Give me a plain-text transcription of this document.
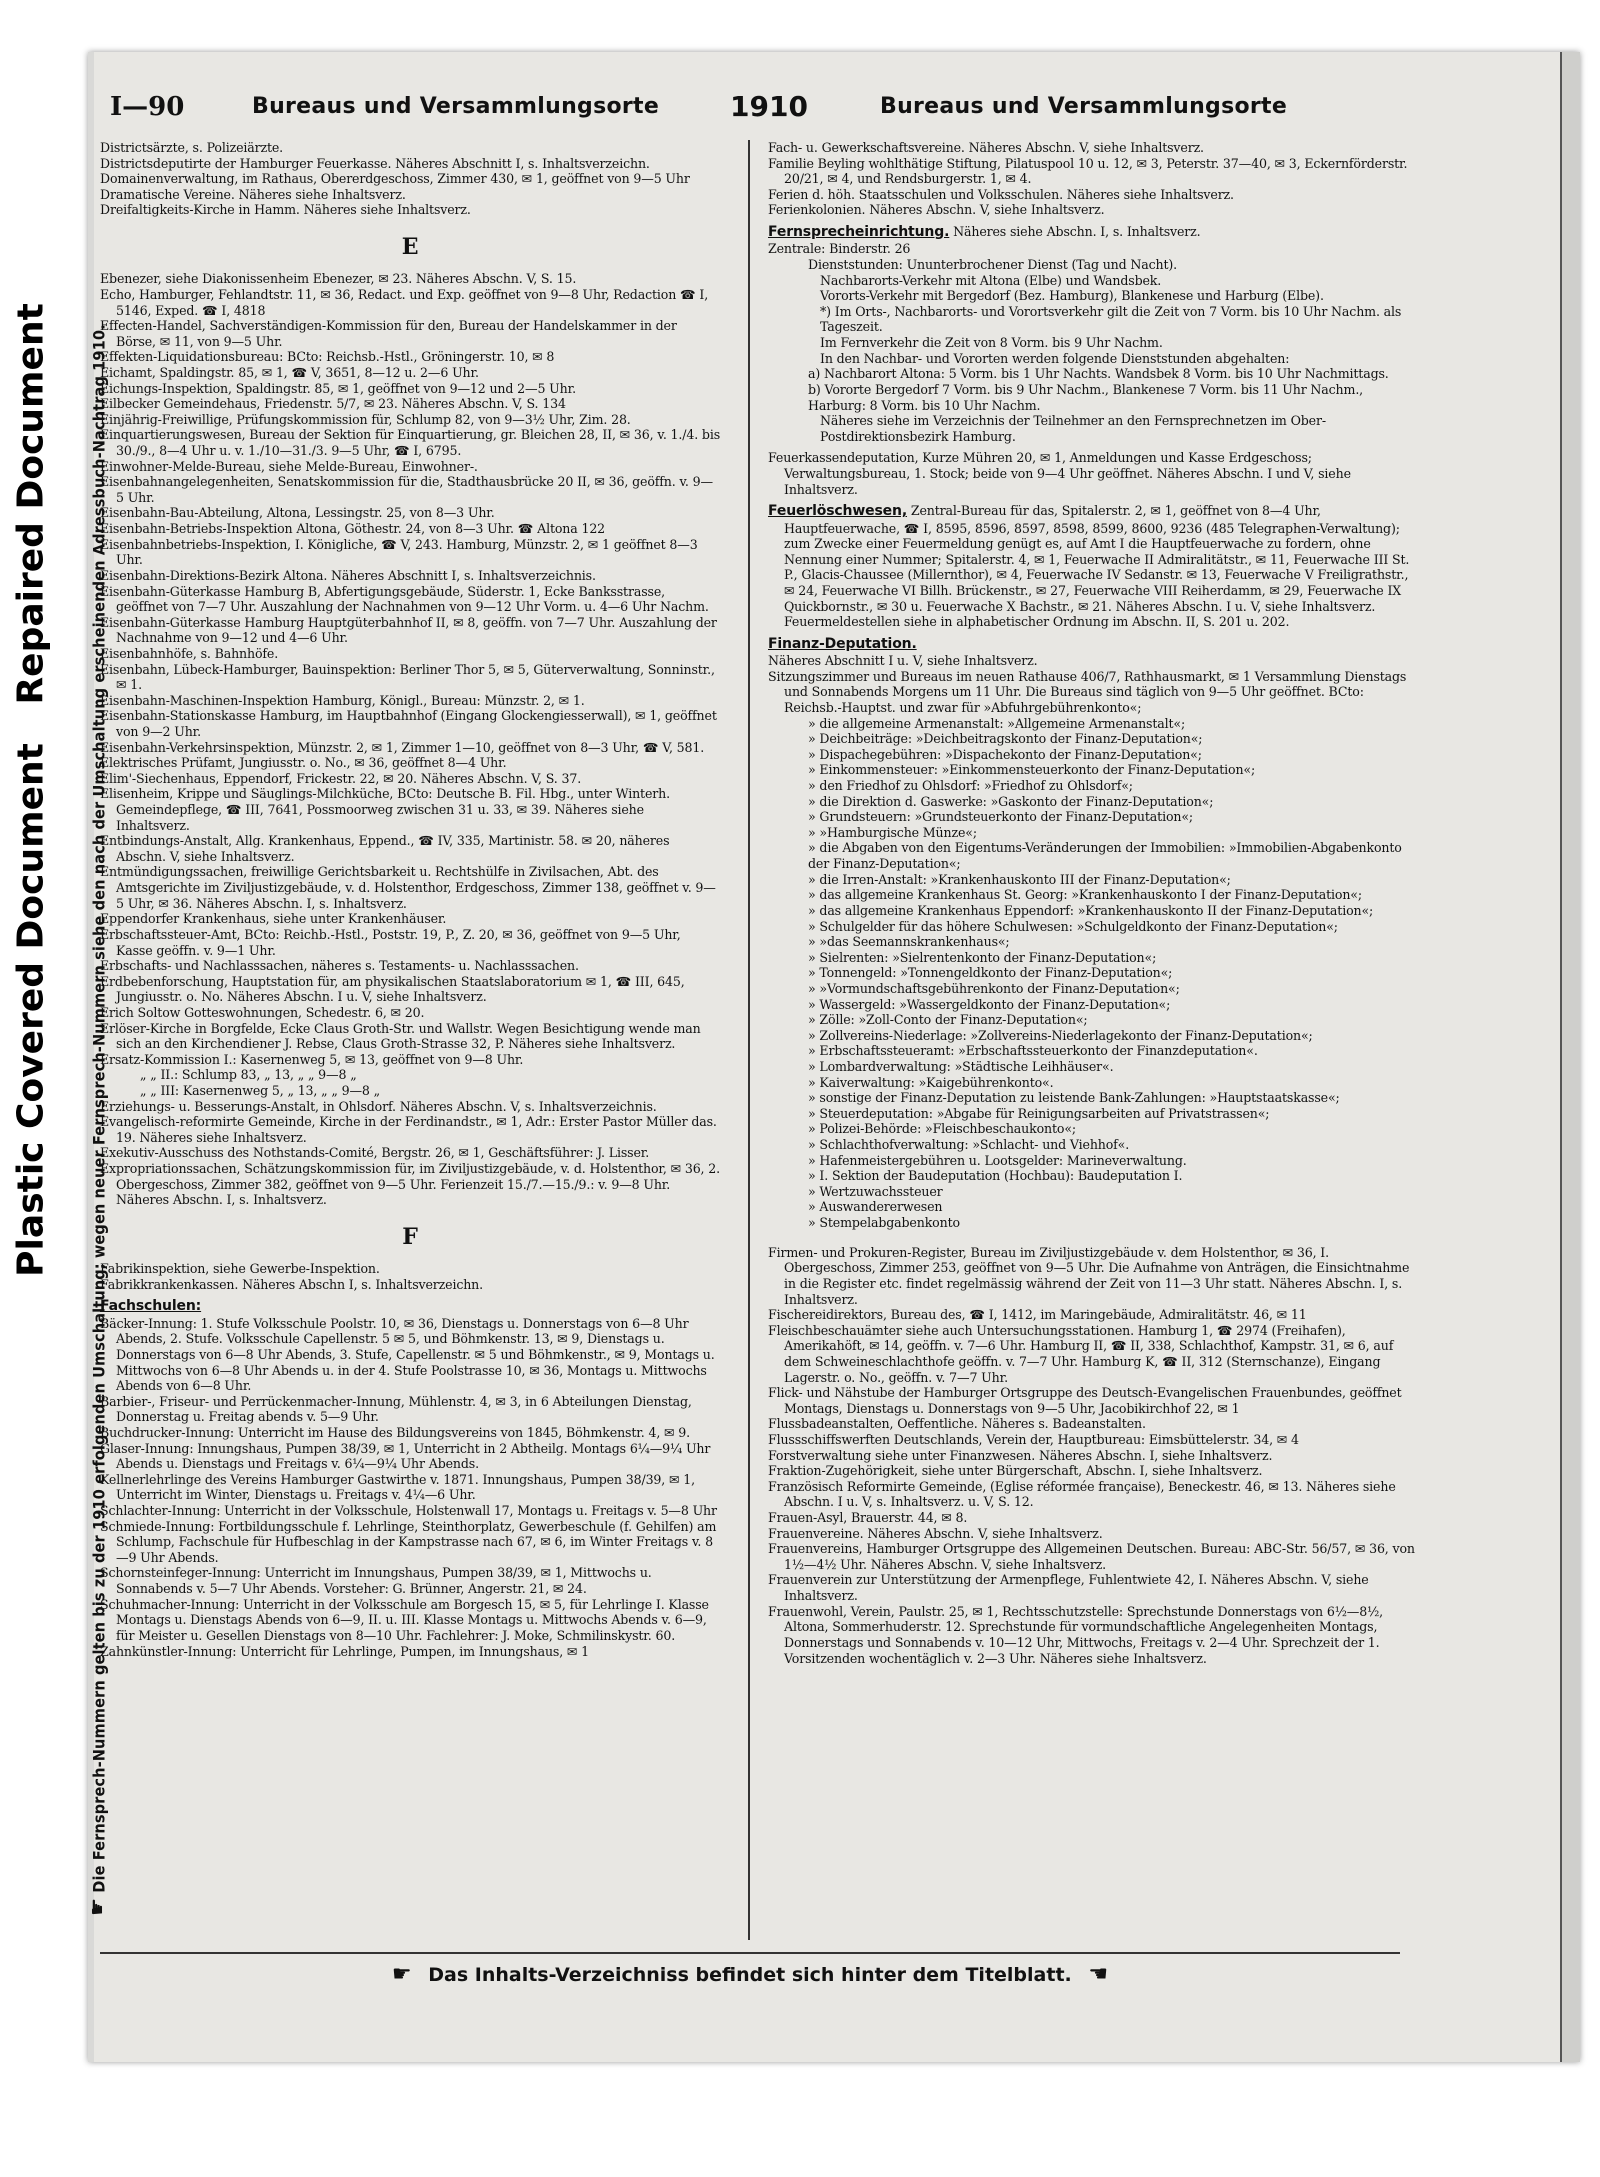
Plastic Covered Document Repaired Document
☛ Die Fernsprech-Nummern gelten bis zu der 1910 erfolgenden Umschaltung; wegen neuer Fernsprech-Nummern siehe den nach der Umschaltung erscheinenden Adressbuch-Nachtrag 1910.
I—90	Bureaus und Versammlungsorte	1910	Bureaus und Versammlungsorte

Districtsärzte, s. Polizeiärzte.

Districtsdeputirte der Hamburger Feuerkasse. Näheres Abschnitt I, s. Inhaltsverzeichn.

Domainenverwaltung, im Rathaus, Obererdgeschoss, Zimmer 430, ✉ 1, geöffnet von 9—5 Uhr

Dramatische Vereine. Näheres siehe Inhaltsverz.

Dreifaltigkeits-Kirche in Hamm. Näheres siehe Inhaltsverz.

E

Ebenezer, siehe Diakonissenheim Ebenezer, ✉ 23. Näheres Abschn. V, S. 15.

Echo, Hamburger, Fehlandtstr. 11, ✉ 36, Redact. und Exp. geöffnet von 9—8 Uhr, Redaction ☎ I, 5146, Exped. ☎ I, 4818

Effecten-Handel, Sachverständigen-Kommission für den, Bureau der Handelskammer in der Börse, ✉ 11, von 9—5 Uhr.

Effekten-Liquidationsbureau: BCto: Reichsb.-Hstl., Gröningerstr. 10, ✉ 8

Eichamt, Spaldingstr. 85, ✉ 1, ☎ V, 3651, 8—12 u. 2—6 Uhr.

Eichungs-Inspektion, Spaldingstr. 85, ✉ 1, geöffnet von 9—12 und 2—5 Uhr.

Eilbecker Gemeindehaus, Friedenstr. 5/7, ✉ 23. Näheres Abschn. V, S. 134

Einjährig-Freiwillige, Prüfungskommission für, Schlump 82, von 9—3½ Uhr, Zim. 28.

Einquartierungswesen, Bureau der Sektion für Einquartierung, gr. Bleichen 28, II, ✉ 36, v. 1./4. bis 30./9., 8—4 Uhr u. v. 1./10—31./3. 9—5 Uhr, ☎ I, 6795.

Einwohner-Melde-Bureau, siehe Melde-Bureau, Einwohner-.

Eisenbahnangelegenheiten, Senatskommission für die, Stadthausbrücke 20 II, ✉ 36, geöffn. v. 9—5 Uhr.

Eisenbahn-Bau-Abteilung, Altona, Lessingstr. 25, von 8—3 Uhr.

Eisenbahn-Betriebs-Inspektion Altona, Göthestr. 24, von 8—3 Uhr. ☎ Altona 122

Eisenbahnbetriebs-Inspektion, I. Königliche, ☎ V, 243. Hamburg, Münzstr. 2, ✉ 1 geöffnet 8—3 Uhr.

Eisenbahn-Direktions-Bezirk Altona. Näheres Abschnitt I, s. Inhaltsverzeichnis.

Eisenbahn-Güterkasse Hamburg B, Abfertigungsgebäude, Süderstr. 1, Ecke Banksstrasse, geöffnet von 7—7 Uhr. Auszahlung der Nachnahmen von 9—12 Uhr Vorm. u. 4—6 Uhr Nachm.

Eisenbahn-Güterkasse Hamburg Hauptgüterbahnhof II, ✉ 8, geöffn. von 7—7 Uhr. Auszahlung der Nachnahme von 9—12 und 4—6 Uhr.

Eisenbahnhöfe, s. Bahnhöfe.

Eisenbahn, Lübeck-Hamburger, Bauinspektion: Berliner Thor 5, ✉ 5, Güterverwaltung, Sonninstr., ✉ 1.

Eisenbahn-Maschinen-Inspektion Hamburg, Königl., Bureau: Münzstr. 2, ✉ 1.

Eisenbahn-Stationskasse Hamburg, im Hauptbahnhof (Eingang Glockengiesserwall), ✉ 1, geöffnet von 9—2 Uhr.

Eisenbahn-Verkehrsinspektion, Münzstr. 2, ✉ 1, Zimmer 1—10, geöffnet von 8—3 Uhr, ☎ V, 581.

Elektrisches Prüfamt, Jungiusstr. o. No., ✉ 36, geöffnet 8—4 Uhr.

Elim'-Siechenhaus, Eppendorf, Frickestr. 22, ✉ 20. Näheres Abschn. V, S. 37.

Elisenheim, Krippe und Säuglings-Milchküche, BCto: Deutsche B. Fil. Hbg., unter Winterh. Gemeindepflege, ☎ III, 7641, Possmoorweg zwischen 31 u. 33, ✉ 39. Näheres siehe Inhaltsverz.

Entbindungs-Anstalt, Allg. Krankenhaus, Eppend., ☎ IV, 335, Martinistr. 58. ✉ 20, näheres Abschn. V, siehe Inhaltsverz.

Entmündigungssachen, freiwillige Gerichtsbarkeit u. Rechtshülfe in Zivilsachen, Abt. des Amtsgerichte im Ziviljustizgebäude, v. d. Holstenthor, Erdgeschoss, Zimmer 138, geöffnet v. 9—5 Uhr, ✉ 36. Näheres Abschn. I, s. Inhaltsverz.

Eppendorfer Krankenhaus, siehe unter Krankenhäuser.

Erbschaftssteuer-Amt, BCto: Reichb.-Hstl., Poststr. 19, P., Z. 20, ✉ 36, geöffnet von 9—5 Uhr, Kasse geöffn. v. 9—1 Uhr.

Erbschafts- und Nachlasssachen, näheres s. Testaments- u. Nachlasssachen.

Erdbebenforschung, Hauptstation für, am physikalischen Staatslaboratorium ✉ 1, ☎ III, 645, Jungiusstr. o. No. Näheres Abschn. I u. V, siehe Inhaltsverz.

Erich Soltow Gotteswohnungen, Schedestr. 6, ✉ 20.

Erlöser-Kirche in Borgfelde, Ecke Claus Groth-Str. und Wallstr. Wegen Besichtigung wende man sich an den Kirchendiener J. Rebse, Claus Groth-Strasse 32, P. Näheres siehe Inhaltsverz.

Ersatz-Kommission I.: Kasernenweg 5, ✉ 13, geöffnet von 9—8 Uhr.

„ „ II.: Schlump 83, „ 13, „ „ 9—8 „

„ „ III: Kasernenweg 5, „ 13, „ „ 9—8 „

Erziehungs- u. Besserungs-Anstalt, in Ohlsdorf. Näheres Abschn. V, s. Inhaltsverzeichnis.

Evangelisch-reformirte Gemeinde, Kirche in der Ferdinandstr., ✉ 1, Adr.: Erster Pastor Müller das. 19. Näheres siehe Inhaltsverz.

Exekutiv-Ausschuss des Nothstands-Comité, Bergstr. 26, ✉ 1, Geschäftsführer: J. Lisser.

Expropriationssachen, Schätzungskommission für, im Ziviljustizgebäude, v. d. Holstenthor, ✉ 36, 2. Obergeschoss, Zimmer 382, geöffnet von 9—5 Uhr. Ferienzeit 15./7.—15./9.: v. 9—8 Uhr. Näheres Abschn. I, s. Inhaltsverz.

F

Fabrikinspektion, siehe Gewerbe-Inspektion.

Fabrikkrankenkassen. Näheres Abschn I, s. Inhaltsverzeichn.

Fachschulen:

Bäcker-Innung: 1. Stufe Volksschule Poolstr. 10, ✉ 36, Dienstags u. Donnerstags von 6—8 Uhr Abends, 2. Stufe. Volksschule Capellenstr. 5 ✉ 5, und Böhmkenstr. 13, ✉ 9, Dienstags u. Donnerstags von 6—8 Uhr Abends, 3. Stufe, Capellenstr. ✉ 5 und Böhmkenstr., ✉ 9, Montags u. Mittwochs von 6—8 Uhr Abends u. in der 4. Stufe Poolstrasse 10, ✉ 36, Montags u. Mittwochs Abends von 6—8 Uhr.

Barbier-, Friseur- und Perrückenmacher-Innung, Mühlenstr. 4, ✉ 3, in 6 Abteilungen Dienstag, Donnerstag u. Freitag abends v. 5—9 Uhr.

Buchdrucker-Innung: Unterricht im Hause des Bildungsvereins von 1845, Böhmkenstr. 4, ✉ 9.

Glaser-Innung: Innungshaus, Pumpen 38/39, ✉ 1, Unterricht in 2 Abtheilg. Montags 6¼—9¼ Uhr Abends u. Dienstags und Freitags v. 6¼—9¼ Uhr Abends.

Kellnerlehrlinge des Vereins Hamburger Gastwirthe v. 1871. Innungshaus, Pumpen 38/39, ✉ 1, Unterricht im Winter, Dienstags u. Freitags v. 4¼—6 Uhr.

Schlachter-Innung: Unterricht in der Volksschule, Holstenwall 17, Montags u. Freitags v. 5—8 Uhr

Schmiede-Innung: Fortbildungsschule f. Lehrlinge, Steinthorplatz, Gewerbeschule (f. Gehilfen) am Schlump, Fachschule für Hufbeschlag in der Kampstrasse nach 67, ✉ 6, im Winter Freitags v. 8—9 Uhr Abends.

Schornsteinfeger-Innung: Unterricht im Innungshaus, Pumpen 38/39, ✉ 1, Mittwochs u. Sonnabends v. 5—7 Uhr Abends. Vorsteher: G. Brünner, Angerstr. 21, ✉ 24.

Schuhmacher-Innung: Unterricht in der Volksschule am Borgesch 15, ✉ 5, für Lehrlinge I. Klasse Montags u. Dienstags Abends von 6—9, II. u. III. Klasse Montags u. Mittwochs Abends v. 6—9, für Meister u. Gesellen Dienstags von 8—10 Uhr. Fachlehrer: J. Moke, Schmilinskystr. 60.

Zahnkünstler-Innung: Unterricht für Lehrlinge, Pumpen, im Innungshaus, ✉ 1

Fach- u. Gewerkschaftsvereine. Näheres Abschn. V, siehe Inhaltsverz.

Familie Beyling wohlthätige Stiftung, Pilatuspool 10 u. 12, ✉ 3, Peterstr. 37—40, ✉ 3, Eckernförderstr. 20/21, ✉ 4, und Rendsburgerstr. 1, ✉ 4.

Ferien d. höh. Staatsschulen und Volksschulen. Näheres siehe Inhaltsverz.

Ferienkolonien. Näheres Abschn. V, siehe Inhaltsverz.

Fernsprecheinrichtung. Näheres siehe Abschn. I, s. Inhaltsverz.

Zentrale: Binderstr. 26

Dienststunden: Ununterbrochener Dienst (Tag und Nacht).

Nachbarorts-Verkehr mit Altona (Elbe) und Wandsbek.

Vororts-Verkehr mit Bergedorf (Bez. Hamburg), Blankenese und Harburg (Elbe).

*) Im Orts-, Nachbarorts- und Vorortsverkehr gilt die Zeit von 7 Vorm. bis 10 Uhr Nachm. als Tageszeit.

Im Fernverkehr die Zeit von 8 Vorm. bis 9 Uhr Nachm.

In den Nachbar- und Vororten werden folgende Dienststunden abgehalten:

a) Nachbarort Altona: 5 Vorm. bis 1 Uhr Nachts. Wandsbek 8 Vorm. bis 10 Uhr Nachmittags.

b) Vororte Bergedorf 7 Vorm. bis 9 Uhr Nachm., Blankenese 7 Vorm. bis 11 Uhr Nachm., Harburg: 8 Vorm. bis 10 Uhr Nachm.

Näheres siehe im Verzeichnis der Teilnehmer an den Fernsprechnetzen im Ober-Postdirektionsbezirk Hamburg.

Feuerkassendeputation, Kurze Mühren 20, ✉ 1, Anmeldungen und Kasse Erdgeschoss; Verwaltungsbureau, 1. Stock; beide von 9—4 Uhr geöffnet. Näheres Abschn. I und V, siehe Inhaltsverz.

Feuerlöschwesen, Zentral-Bureau für das, Spitalerstr. 2, ✉ 1, geöffnet von 8—4 Uhr, Hauptfeuerwache, ☎ I, 8595, 8596, 8597, 8598, 8599, 8600, 9236 (485 Telegraphen-Verwaltung); zum Zwecke einer Feuermeldung genügt es, auf Amt I die Hauptfeuerwache zu fordern, ohne Nennung einer Nummer; Spitalerstr. 4, ✉ 1, Feuerwache II Admiralitätstr., ✉ 11, Feuerwache III St. P., Glacis-Chaussee (Millernthor), ✉ 4, Feuerwache IV Sedanstr. ✉ 13, Feuerwache V Freiligrathstr., ✉ 24, Feuerwache VI Billh. Brückenstr., ✉ 27, Feuerwache VIII Reiherdamm, ✉ 29, Feuerwache IX Quickbornstr., ✉ 30 u. Feuerwache X Bachstr., ✉ 21. Näheres Abschn. I u. V, siehe Inhaltsverz. Feuermeldestellen siehe in alphabetischer Ordnung im Abschn. II, S. 201 u. 202.

Finanz-Deputation.

Näheres Abschnitt I u. V, siehe Inhaltsverz.

Sitzungszimmer und Bureaus im neuen Rathause 406/7, Rathhausmarkt, ✉ 1 Versammlung Dienstags und Sonnabends Morgens um 11 Uhr. Die Bureaus sind täglich von 9—5 Uhr geöffnet. BCto: Reichsb.-Hauptst. und zwar für »Abfuhrgebührenkonto«;

» die allgemeine Armenanstalt: »Allgemeine Armenanstalt«;

» Deichbeiträge: »Deichbeitragskonto der Finanz-Deputation«;

» Dispachegebühren: »Dispachekonto der Finanz-Deputation«;

» Einkommensteuer: »Einkommensteuerkonto der Finanz-Deputation«;

» den Friedhof zu Ohlsdorf: »Friedhof zu Ohlsdorf«;

» die Direktion d. Gaswerke: »Gaskonto der Finanz-Deputation«;

» Grundsteuern: »Grundsteuerkonto der Finanz-Deputation«;

» »Hamburgische Münze«;

» die Abgaben von den Eigentums-Veränderungen der Immobilien: »Immobilien-Abgabenkonto der Finanz-Deputation«;

» die Irren-Anstalt: »Krankenhauskonto III der Finanz-Deputation«;

» das allgemeine Krankenhaus St. Georg: »Krankenhauskonto I der Finanz-Deputation«;

» das allgemeine Krankenhaus Eppendorf: »Krankenhauskonto II der Finanz-Deputation«;

» Schulgelder für das höhere Schulwesen: »Schulgeldkonto der Finanz-Deputation«;

» »das Seemannskrankenhaus«;

» Sielrenten: »Sielrentenkonto der Finanz-Deputation«;

» Tonnengeld: »Tonnengeldkonto der Finanz-Deputation«;

» »Vormundschaftsgebührenkonto der Finanz-Deputation«;

» Wassergeld: »Wassergeldkonto der Finanz-Deputation«;

» Zölle: »Zoll-Conto der Finanz-Deputation«;

» Zollvereins-Niederlage: »Zollvereins-Niederlagekonto der Finanz-Deputation«;

» Erbschaftssteueramt: »Erbschaftssteuerkonto der Finanzdeputation«.

» Lombardverwaltung: »Städtische Leihhäuser«.

» Kaiverwaltung: »Kaigebührenkonto«.

» sonstige der Finanz-Deputation zu leistende Bank-Zahlungen: »Hauptstaatskasse«;

» Steuerdeputation: »Abgabe für Reinigungsarbeiten auf Privatstrassen«;

» Polizei-Behörde: »Fleischbeschaukonto«;

» Schlachthofverwaltung: »Schlacht- und Viehhof«.

» Hafenmeistergebühren u. Lootsgelder: Marineverwaltung.

» I. Sektion der Baudeputation (Hochbau): Baudeputation I.

» Wertzuwachssteuer

» Auswandererwesen

» Stempelabgabenkonto

Firmen- und Prokuren-Register, Bureau im Ziviljustizgebäude v. dem Holstenthor, ✉ 36, I. Obergeschoss, Zimmer 253, geöffnet von 9—5 Uhr. Die Aufnahme von Anträgen, die Einsichtnahme in die Register etc. findet regelmässig während der Zeit von 11—3 Uhr statt. Näheres Abschn. I, s. Inhaltsverz.

Fischereidirektors, Bureau des, ☎ I, 1412, im Maringebäude, Admiralitätstr. 46, ✉ 11

Fleischbeschauämter siehe auch Untersuchungsstationen. Hamburg 1, ☎ 2974 (Freihafen), Amerikahöft, ✉ 14, geöffn. v. 7—6 Uhr. Hamburg II, ☎ II, 338, Schlachthof, Kampstr. 31, ✉ 6, auf dem Schweineschlachthofe geöffn. v. 7—7 Uhr. Hamburg K, ☎ II, 312 (Sternschanze), Eingang Lagerstr. o. No., geöffn. v. 7—7 Uhr.

Flick- und Nähstube der Hamburger Ortsgruppe des Deutsch-Evangelischen Frauenbundes, geöffnet Montags, Dienstags u. Donnerstags von 9—5 Uhr, Jacobikirchhof 22, ✉ 1

Flussbadeanstalten, Oeffentliche. Näheres s. Badeanstalten.

Flussschiffswerften Deutschlands, Verein der, Hauptbureau: Eimsbüttelerstr. 34, ✉ 4

Forstverwaltung siehe unter Finanzwesen. Näheres Abschn. I, siehe Inhaltsverz.

Fraktion-Zugehörigkeit, siehe unter Bürgerschaft, Abschn. I, siehe Inhaltsverz.

Französisch Reformirte Gemeinde, (Eglise réformée française), Beneckestr. 46, ✉ 13. Näheres siehe Abschn. I u. V, s. Inhaltsverz. u. V, S. 12.

Frauen-Asyl, Brauerstr. 44, ✉ 8.

Frauenvereine. Näheres Abschn. V, siehe Inhaltsverz.

Frauenvereins, Hamburger Ortsgruppe des Allgemeinen Deutschen. Bureau: ABC-Str. 56/57, ✉ 36, von 1½—4½ Uhr. Näheres Abschn. V, siehe Inhaltsverz.

Frauenverein zur Unterstützung der Armenpflege, Fuhlentwiete 42, I. Näheres Abschn. V, siehe Inhaltsverz.

Frauenwohl, Verein, Paulstr. 25, ✉ 1, Rechtsschutzstelle: Sprechstunde Donnerstags von 6½—8½, Altona, Sommerhuderstr. 12. Sprechstunde für vormundschaftliche Angelegenheiten Montags, Donnerstags und Sonnabends v. 10—12 Uhr, Mittwochs, Freitags v. 2—4 Uhr. Sprechzeit der 1. Vorsitzenden wochentäglich v. 2—3 Uhr. Näheres siehe Inhaltsverz.

☛ Das Inhalts-Verzeichniss befindet sich hinter dem Titelblatt. ☚
